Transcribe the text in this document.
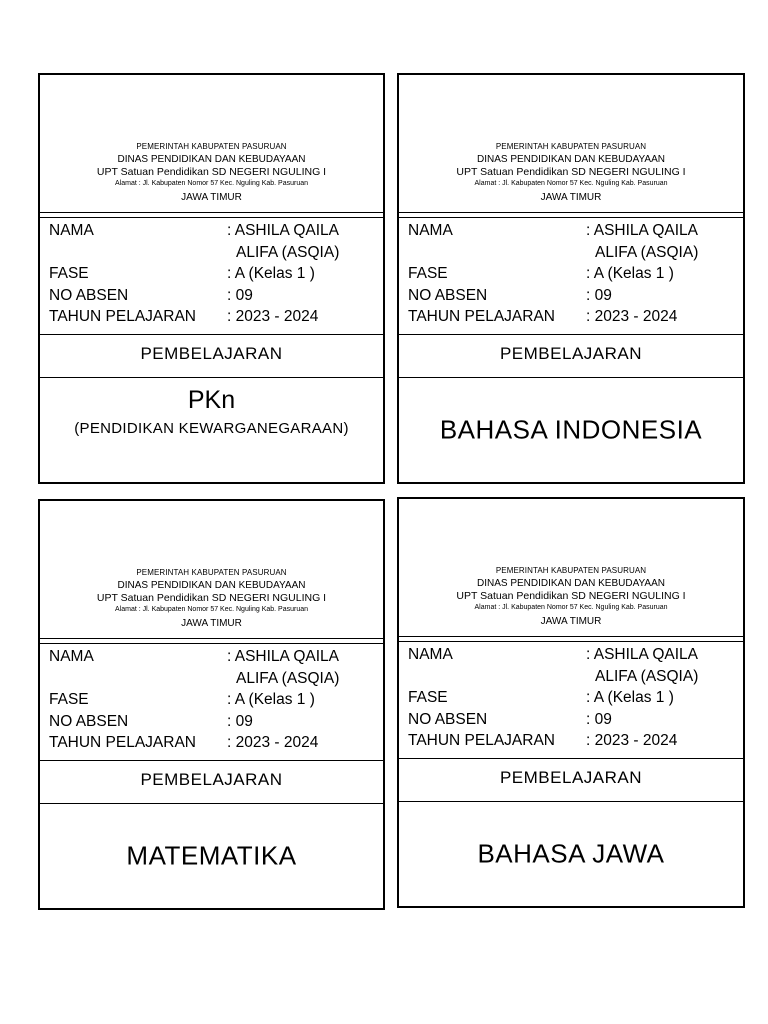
PEMERINTAH KABUPATEN PASURUAN
DINAS PENDIDIKAN DAN KEBUDAYAAN
UPT Satuan Pendidikan SD NEGERI NGULING I
Alamat : Jl. Kabupaten Nomor 57 Kec. Nguling Kab. Pasuruan
JAWA TIMUR
NAMA	: ASHILA QAILA
ALIFA (ASQIA)
FASE	: A (Kelas 1 )
NO ABSEN	: 09
TAHUN PELAJARAN : 2023 - 2024
PEMBELAJARAN
PKn
(PENDIDIKAN KEWARGANEGARAAN)
PEMERINTAH KABUPATEN PASURUAN
DINAS PENDIDIKAN DAN KEBUDAYAAN
UPT Satuan Pendidikan SD NEGERI NGULING I
Alamat : Jl. Kabupaten Nomor 57 Kec. Nguling Kab. Pasuruan
JAWA TIMUR
NAMA	: ASHILA QAILA
ALIFA (ASQIA)
FASE	: A (Kelas 1 )
NO ABSEN	: 09
TAHUN PELAJARAN : 2023 - 2024
PEMBELAJARAN
BAHASA INDONESIA
PEMERINTAH KABUPATEN PASURUAN
DINAS PENDIDIKAN DAN KEBUDAYAAN
UPT Satuan Pendidikan SD NEGERI NGULING I
Alamat : Jl. Kabupaten Nomor 57 Kec. Nguling Kab. Pasuruan
JAWA TIMUR
NAMA	: ASHILA QAILA
ALIFA (ASQIA)
FASE	: A (Kelas 1 )
NO ABSEN	: 09
TAHUN PELAJARAN : 2023 - 2024
PEMBELAJARAN
MATEMATIKA
PEMERINTAH KABUPATEN PASURUAN
DINAS PENDIDIKAN DAN KEBUDAYAAN
UPT Satuan Pendidikan SD NEGERI NGULING I
Alamat : Jl. Kabupaten Nomor 57 Kec. Nguling Kab. Pasuruan
JAWA TIMUR
NAMA	: ASHILA QAILA
ALIFA (ASQIA)
FASE	: A (Kelas 1 )
NO ABSEN	: 09
TAHUN PELAJARAN : 2023 - 2024
PEMBELAJARAN
BAHASA JAWA
